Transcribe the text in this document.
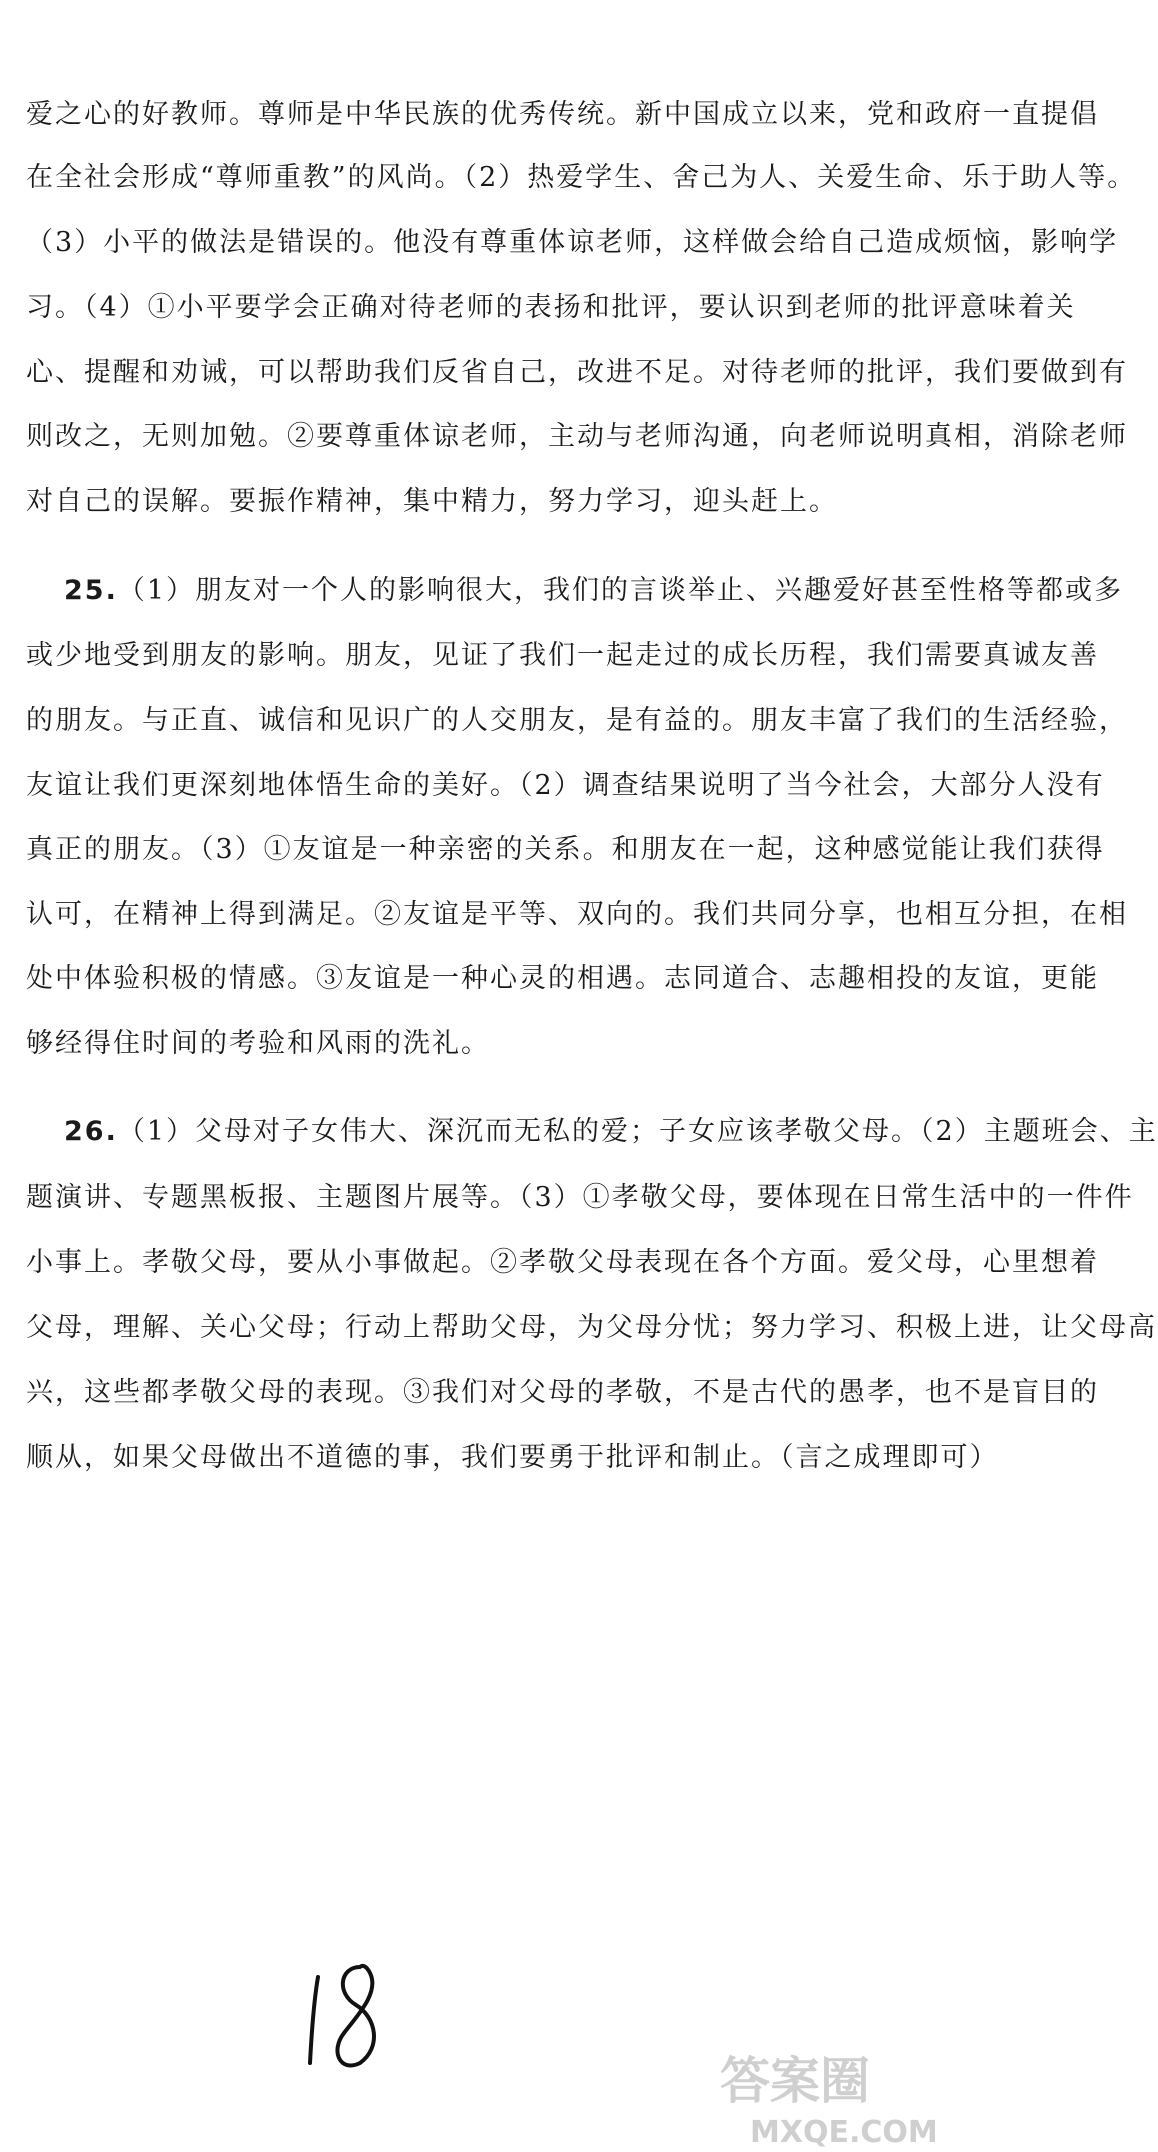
爱之心的好教师。尊师是中华民族的优秀传统。新中国成立以来，党和政府一直提倡
在全社会形成“尊师重教”的风尚。（2）热爱学生、舍己为人、关爱生命、乐于助人等。
（3）小平的做法是错误的。他没有尊重体谅老师，这样做会给自己造成烦恼，影响学
习。（4）①小平要学会正确对待老师的表扬和批评，要认识到老师的批评意味着关
心、提醒和劝诫，可以帮助我们反省自己，改进不足。对待老师的批评，我们要做到有
则改之，无则加勉。②要尊重体谅老师，主动与老师沟通，向老师说明真相，消除老师
对自己的误解。要振作精神，集中精力，努力学习，迎头赶上。
25.（1）朋友对一个人的影响很大，我们的言谈举止、兴趣爱好甚至性格等都或多
或少地受到朋友的影响。朋友，见证了我们一起走过的成长历程，我们需要真诚友善
的朋友。与正直、诚信和见识广的人交朋友，是有益的。朋友丰富了我们的生活经验，
友谊让我们更深刻地体悟生命的美好。（2）调查结果说明了当今社会，大部分人没有
真正的朋友。（3）①友谊是一种亲密的关系。和朋友在一起，这种感觉能让我们获得
认可，在精神上得到满足。②友谊是平等、双向的。我们共同分享，也相互分担，在相
处中体验积极的情感。③友谊是一种心灵的相遇。志同道合、志趣相投的友谊，更能
够经得住时间的考验和风雨的洗礼。
26.（1）父母对子女伟大、深沉而无私的爱；子女应该孝敬父母。（2）主题班会、主
题演讲、专题黑板报、主题图片展等。（3）①孝敬父母，要体现在日常生活中的一件件
小事上。孝敬父母，要从小事做起。②孝敬父母表现在各个方面。爱父母，心里想着
父母，理解、关心父母；行动上帮助父母，为父母分忧；努力学习、积极上进，让父母高
兴，这些都孝敬父母的表现。③我们对父母的孝敬，不是古代的愚孝，也不是盲目的
顺从，如果父母做出不道德的事，我们要勇于批评和制止。（言之成理即可）
答案圈
MXQE.COM
